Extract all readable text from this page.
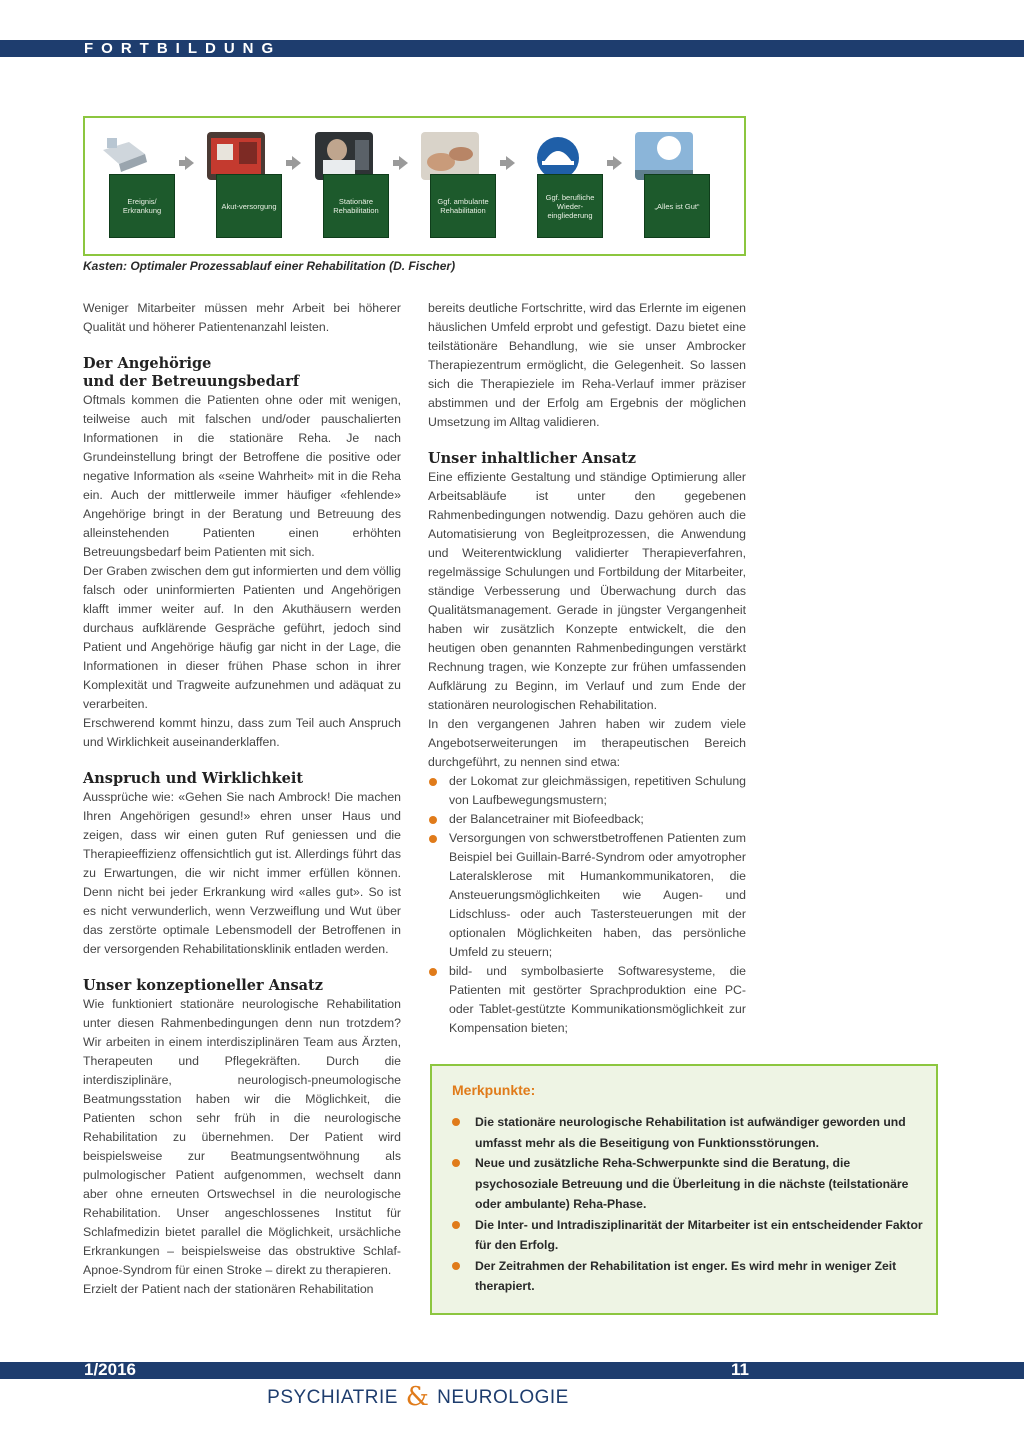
FORTBILDUNG
Ereignis/ Erkrankung	Akut-versorgung	Stationäre Rehabilitation
Ggf. ambulante Rehabilitation
Ggf. berufliche Wieder-eingliederung
„Alles ist Gut“
Kasten: Optimaler Prozessablauf einer Rehabilitation (D. Fischer)

Weniger Mitarbeiter müssen mehr Arbeit bei höherer Qualität und höherer Patientenanzahl leisten.

Der Angehörige
und der Betreuungsbedarf

Oftmals kommen die Patienten ohne oder mit wenigen, teilweise auch mit falschen und/oder pauschalierten Informationen in die stationäre Reha. Je nach Grundeinstellung bringt der Betroffene die positive oder negative Information als «seine Wahrheit» mit in die Reha ein. Auch der mittlerweile immer häufiger «fehlende» Angehörige bringt in der Beratung und Betreuung des alleinstehenden Patienten einen erhöhten Betreuungsbedarf beim Patienten mit sich.

Der Graben zwischen dem gut informierten und dem völlig falsch oder uninformierten Patienten und Angehörigen klafft immer weiter auf. In den Akuthäusern werden durchaus aufklärende Gespräche geführt, jedoch sind Patient und Angehörige häufig gar nicht in der Lage, die Informationen in dieser frühen Phase schon in ihrer Komplexität und Tragweite aufzunehmen und adäquat zu verarbeiten.

Erschwerend kommt hinzu, dass zum Teil auch Anspruch und Wirklichkeit auseinanderklaffen.

Anspruch und Wirklichkeit

Aussprüche wie: «Gehen Sie nach Ambrock! Die machen Ihren Angehörigen gesund!» ehren unser Haus und zeigen, dass wir einen guten Ruf geniessen und die Therapieeffizienz offensichtlich gut ist. Allerdings führt das zu Erwartungen, die wir nicht immer erfüllen können. Denn nicht bei jeder Erkrankung wird «alles gut». So ist es nicht verwunderlich, wenn Verzweiflung und Wut über das zerstörte optimale Lebensmodell der Betroffenen in der versorgenden Rehabilitationsklinik entladen werden.

Unser konzeptioneller Ansatz

Wie funktioniert stationäre neurologische Rehabilitation unter diesen Rahmenbedingungen denn nun trotzdem? Wir arbeiten in einem interdisziplinären Team aus Ärzten, Therapeuten und Pflegekräften. Durch die interdisziplinäre, neurologisch-pneumologische Beatmungsstation haben wir die Möglichkeit, die Patienten schon sehr früh in die neurologische Rehabilitation zu übernehmen. Der Patient wird beispielsweise zur Beatmungsentwöhnung als pulmologischer Patient aufgenommen, wechselt dann aber ohne erneuten Ortswechsel in die neurologische Rehabilitation. Unser angeschlossenes Institut für Schlafmedizin bietet parallel die Möglichkeit, ursächliche Erkrankungen – beispielsweise das obstruktive Schlaf-Apnoe-Syndrom für einen Stroke – direkt zu therapieren.

Erzielt der Patient nach der stationären Rehabilitation

bereits deutliche Fortschritte, wird das Erlernte im eigenen häuslichen Umfeld erprobt und gefestigt. Dazu bietet eine teilstätionäre Behandlung, wie sie unser Ambrocker Therapiezentrum ermöglicht, die Gelegenheit. So lassen sich die Therapieziele im Reha-Verlauf immer präziser abstimmen und der Erfolg am Ergebnis der möglichen Umsetzung im Alltag validieren.

Unser inhaltlicher Ansatz

Eine effiziente Gestaltung und ständige Optimierung aller Arbeitsabläufe ist unter den gegebenen Rahmenbedingungen notwendig. Dazu gehören auch die Automatisierung von Begleitprozessen, die Anwendung und Weiterentwicklung validierter Therapieverfahren, regelmässige Schulungen und Fortbildung der Mitarbeiter, ständige Verbesserung und Überwachung durch das Qualitätsmanagement. Gerade in jüngster Vergangenheit haben wir zusätzlich Konzepte entwickelt, die den heutigen oben genannten Rahmenbedingungen verstärkt Rechnung tragen, wie Konzepte zur frühen umfassenden Aufklärung zu Beginn, im Verlauf und zum Ende der stationären neurologischen Rehabilitation.

In den vergangenen Jahren haben wir zudem viele Angebotserweiterungen im therapeutischen Bereich durchgeführt, zu nennen sind etwa:

der Lokomat zur gleichmässigen, repetitiven Schulung von Laufbewegungsmustern;
der Balancetrainer mit Biofeedback;
Versorgungen von schwerstbetroffenen Patienten zum Beispiel bei Guillain-Barré-Syndrom oder amyotropher Lateralsklerose mit Humankommunikatoren, die Ansteuerungsmöglichkeiten wie Augen- und Lidschluss- oder auch Tastersteuerungen mit der optionalen Möglichkeiten haben, das persönliche Umfeld zu steuern;
bild- und symbolbasierte Softwaresysteme, die Patienten mit gestörter Sprachproduktion eine PC- oder Tablet-gestützte Kommunikationsmöglichkeit zur Kompensation bieten;
Merkpunkte:
Die stationäre neurologische Rehabilitation ist aufwändiger geworden und umfasst mehr als die Beseitigung von Funktionsstörungen.
Neue und zusätzliche Reha-Schwerpunkte sind die Beratung, die psychosoziale Betreuung und die Überleitung in die nächste (teilstationäre oder ambulante) Reha-Phase.
Die Inter- und Intradisziplinarität der Mitarbeiter ist ein entscheidender Faktor für den Erfolg.
Der Zeitrahmen der Rehabilitation ist enger. Es wird mehr in weniger Zeit therapiert.
1/2016	11
PSYCHIATRIE & NEUROLOGIE
